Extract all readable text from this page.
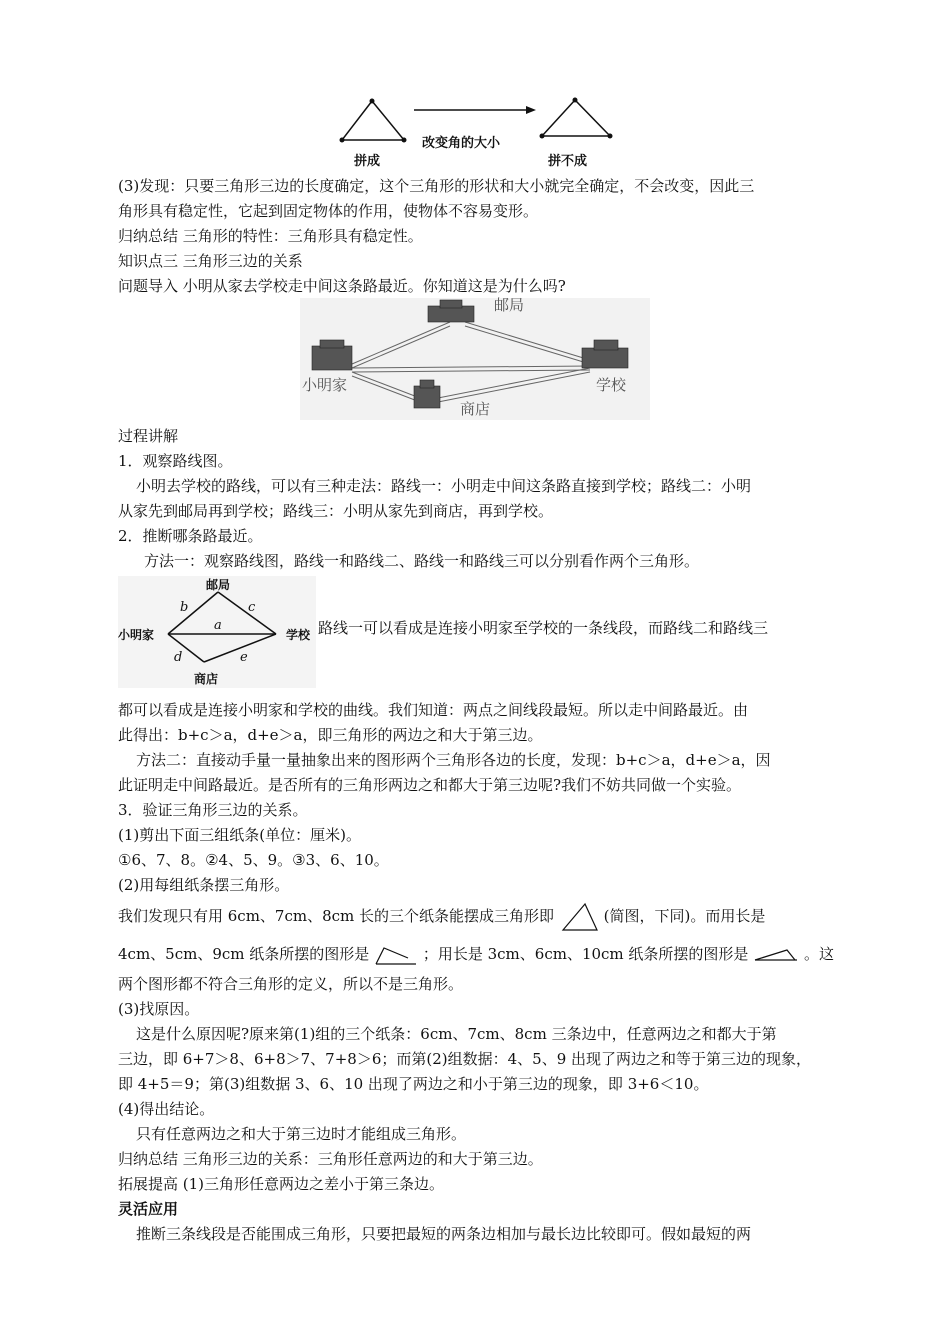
拼成
改变角的大小
拼不成
(3)发现：只要三角形三边的长度确定，这个三角形的形状和大小就完全确定，不会改变，因此三
角形具有稳定性，它起到固定物体的作用，使物体不容易变形。
归纳总结 三角形的特性：三角形具有稳定性。
知识点三 三角形三边的关系
问题导入 小明从家去学校走中间这条路最近。你知道这是为什么吗?
邮局
小明家	学校
商店
过程讲解
1．观察路线图。
小明去学校的路线，可以有三种走法：路线一：小明走中间这条路直接到学校；路线二：小明
从家先到邮局再到学校；路线三：小明从家先到商店，再到学校。
2．推断哪条路最近。
方法一：观察路线图，路线一和路线二、路线一和路线三可以分别看作两个三角形。
邮局
小明家	学校
商店
a
b	c
d	e
路线一可以看成是连接小明家至学校的一条线段，而路线二和路线三
都可以看成是连接小明家和学校的曲线。我们知道：两点之间线段最短。所以走中间路最近。由
此得出：b+c＞a，d+e＞a，即三角形的两边之和大于第三边。
方法二：直接动手量一量抽象出来的图形两个三角形各边的长度，发现：b+c＞a，d+e＞a，因
此证明走中间路最近。是否所有的三角形两边之和都大于第三边呢?我们不妨共同做一个实验。
3．验证三角形三边的关系。
(1)剪出下面三组纸条(单位：厘米)。
①6、7、8。②4、5、9。③3、6、10。
(2)用每组纸条摆三角形。
我们发现只有用 6cm、7cm、8cm 长的三个纸条能摆成三角形即	(简图，下同)。而用长是
4cm、5cm、9cm 纸条所摆的图形是	；用长是 3cm、6cm、10cm 纸条所摆的图形是	。这
两个图形都不符合三角形的定义，所以不是三角形。
(3)找原因。
这是什么原因呢?原来第(1)组的三个纸条：6cm、7cm、8cm 三条边中，任意两边之和都大于第
三边，即 6+7＞8、6+8＞7、7+8＞6；而第(2)组数据：4、5、9 出现了两边之和等于第三边的现象，
即 4+5＝9；第(3)组数据 3、6、10 出现了两边之和小于第三边的现象，即 3+6＜10。
(4)得出结论。
只有任意两边之和大于第三边时才能组成三角形。
归纳总结 三角形三边的关系：三角形任意两边的和大于第三边。
拓展提高 (1)三角形任意两边之差小于第三条边。
灵活应用
推断三条线段是否能围成三角形，只要把最短的两条边相加与最长边比较即可。假如最短的两
